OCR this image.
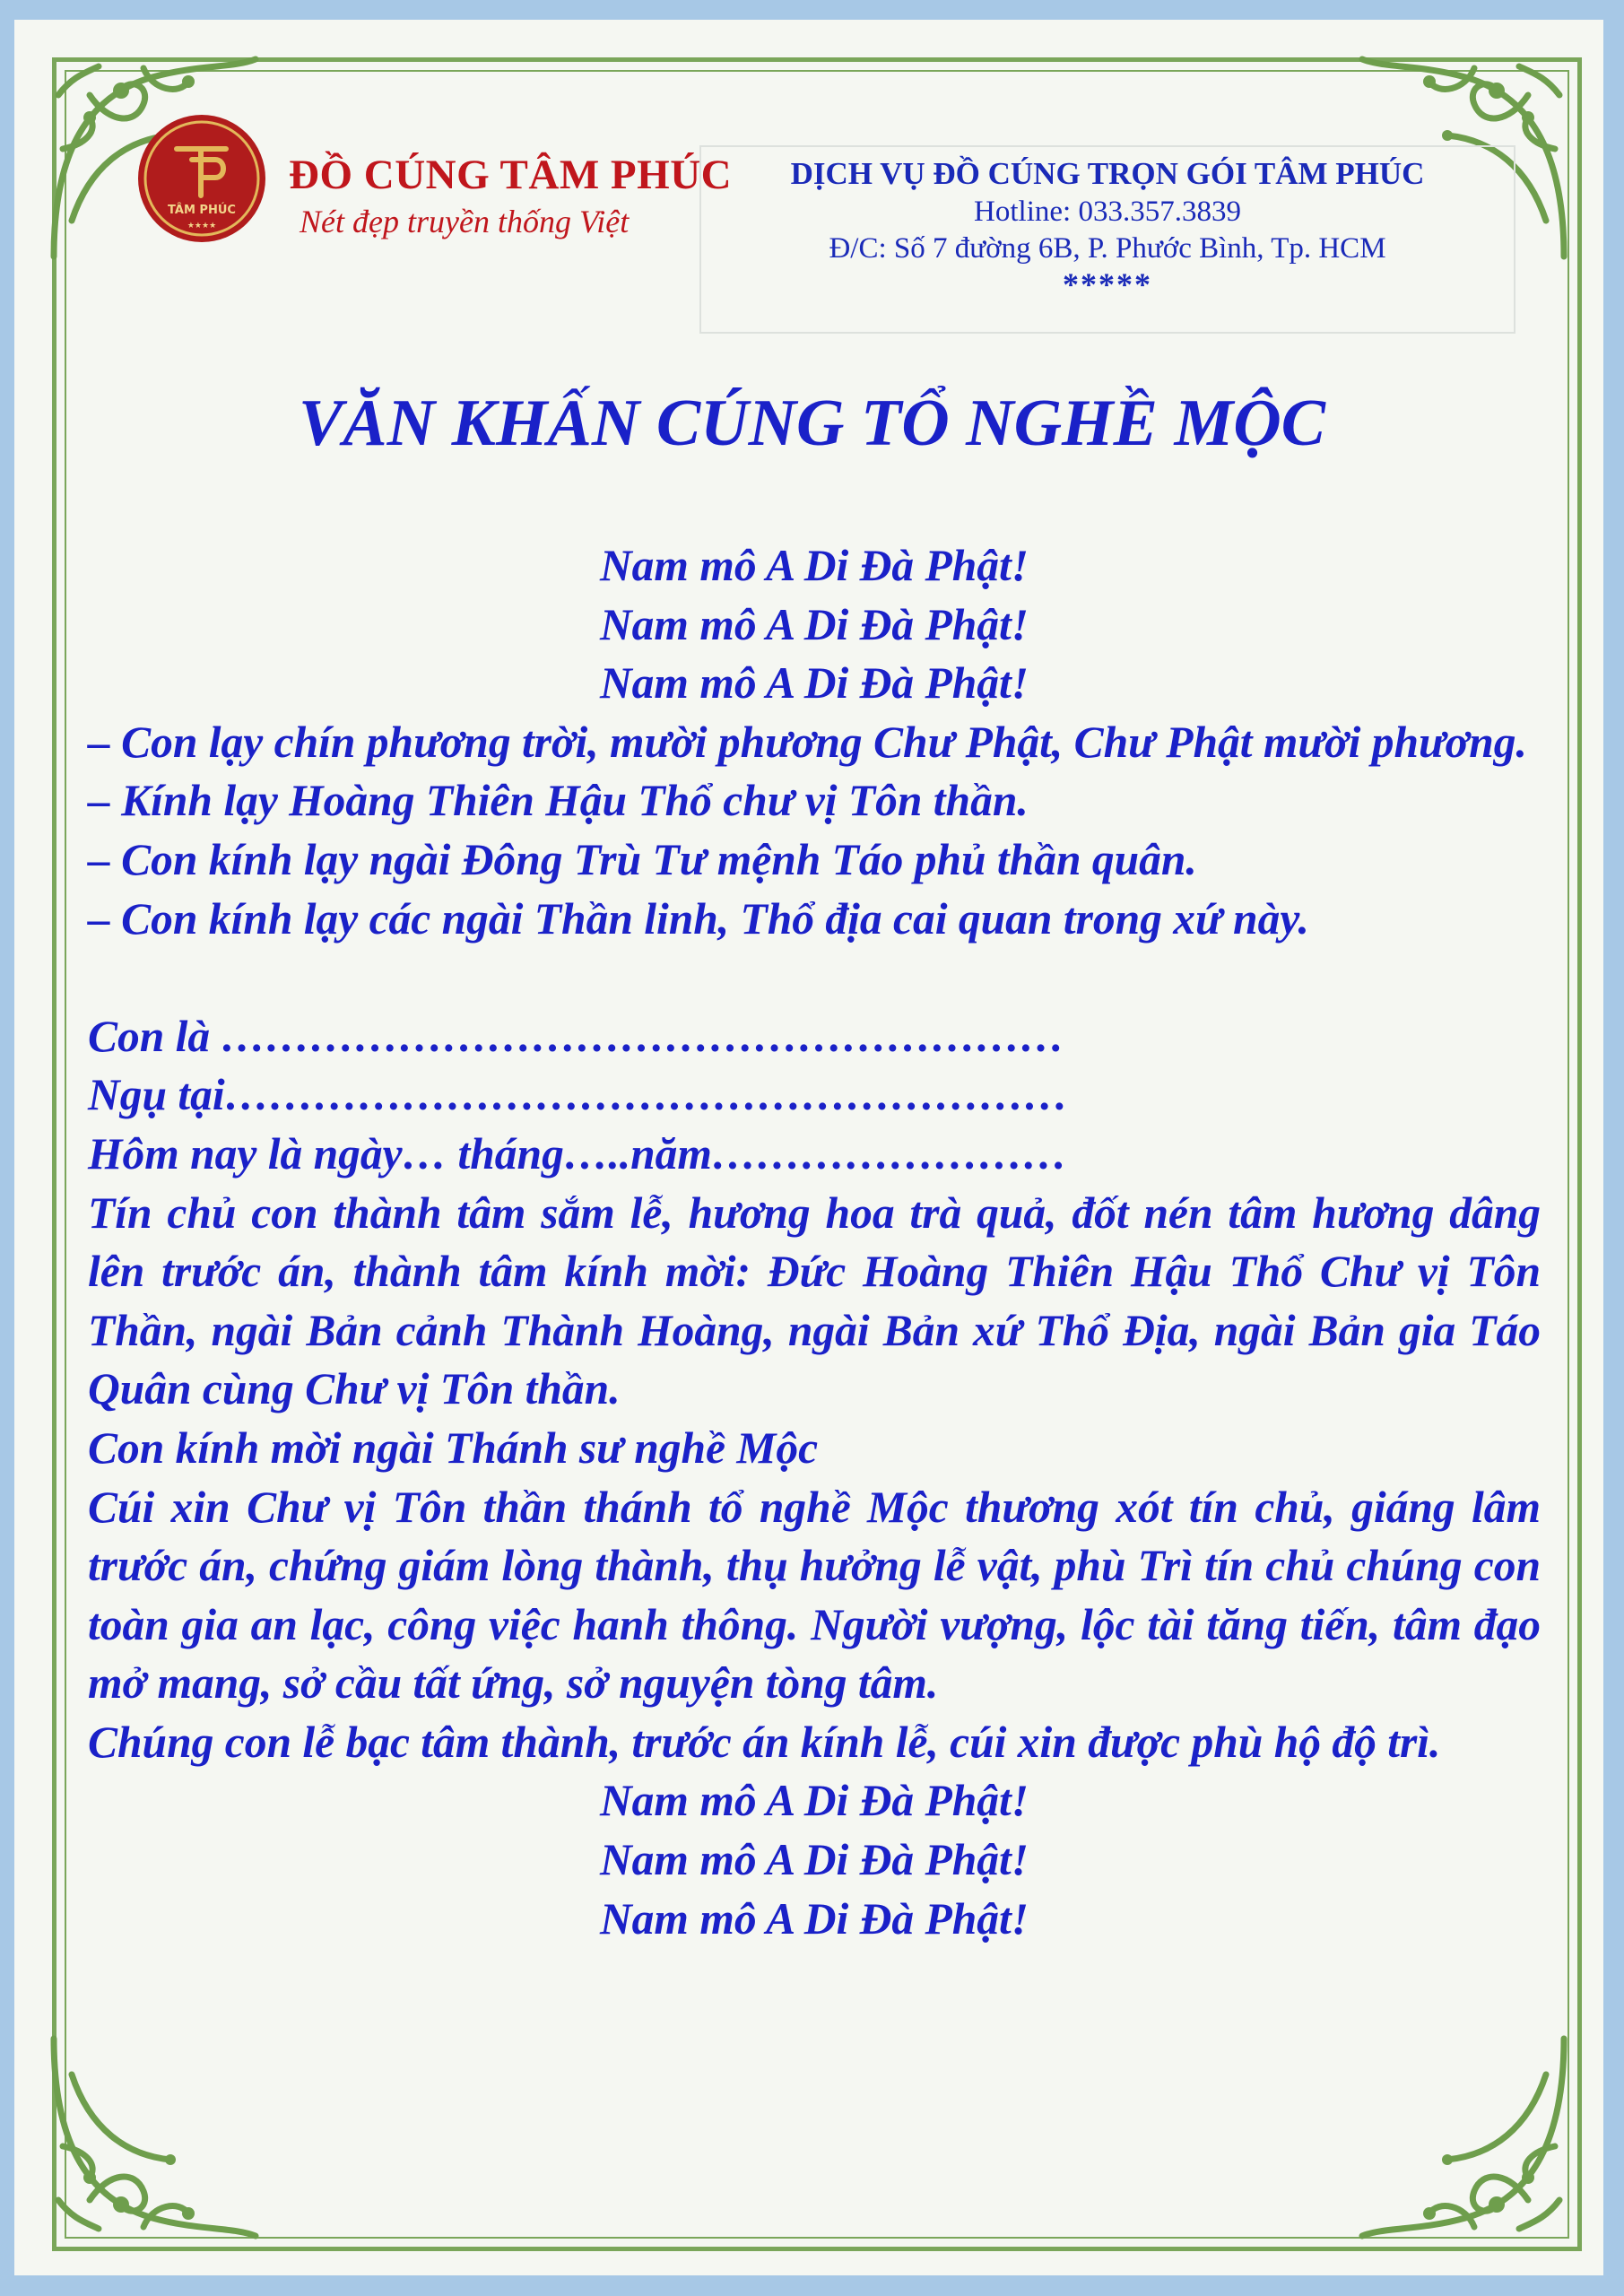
TÂM PHÚC
★★★★
ĐỒ CÚNG TÂM PHÚC
Nét đẹp truyền thống Việt
DỊCH VỤ ĐỒ CÚNG TRỌN GÓI TÂM PHÚC
Hotline: 033.357.3839
Đ/C: Số 7 đường 6B, P. Phước Bình, Tp. HCM
*****
VĂN KHẤN CÚNG TỔ NGHỀ MỘC

Nam mô A Di Đà Phật!

Nam mô A Di Đà Phật!

Nam mô A Di Đà Phật!

– Con lạy chín phương trời, mười phương Chư Phật, Chư Phật mười phương.

– Kính lạy Hoàng Thiên Hậu Thổ chư vị Tôn thần.

– Con kính lạy ngài Đông Trù Tư mệnh Táo phủ thần quân.

– Con kính lạy các ngài Thần linh, Thổ địa cai quan trong xứ này.

Con là …………………………………………………

Ngụ tại…………………………………………………

Hôm nay là ngày… tháng…..năm……………………

Tín chủ con thành tâm sắm lễ, hương hoa trà quả, đốt nén tâm hương dâng lên trước án, thành tâm kính mời: Đức Hoàng Thiên Hậu Thổ Chư vị Tôn Thần, ngài Bản cảnh Thành Hoàng, ngài Bản xứ Thổ Địa, ngài Bản gia Táo Quân cùng Chư vị Tôn thần.

Con kính mời ngài Thánh sư nghề Mộc

Cúi xin Chư vị Tôn thần thánh tổ nghề Mộc thương xót tín chủ, giáng lâm trước án, chứng giám lòng thành, thụ hưởng lễ vật, phù Trì tín chủ chúng con toàn gia an lạc, công việc hanh thông. Người vượng, lộc tài tăng tiến, tâm đạo mở mang, sở cầu tất ứng, sở nguyện tòng tâm.

Chúng con lễ bạc tâm thành, trước án kính lễ, cúi xin được phù hộ độ trì.

Nam mô A Di Đà Phật!

Nam mô A Di Đà Phật!

Nam mô A Di Đà Phật!
